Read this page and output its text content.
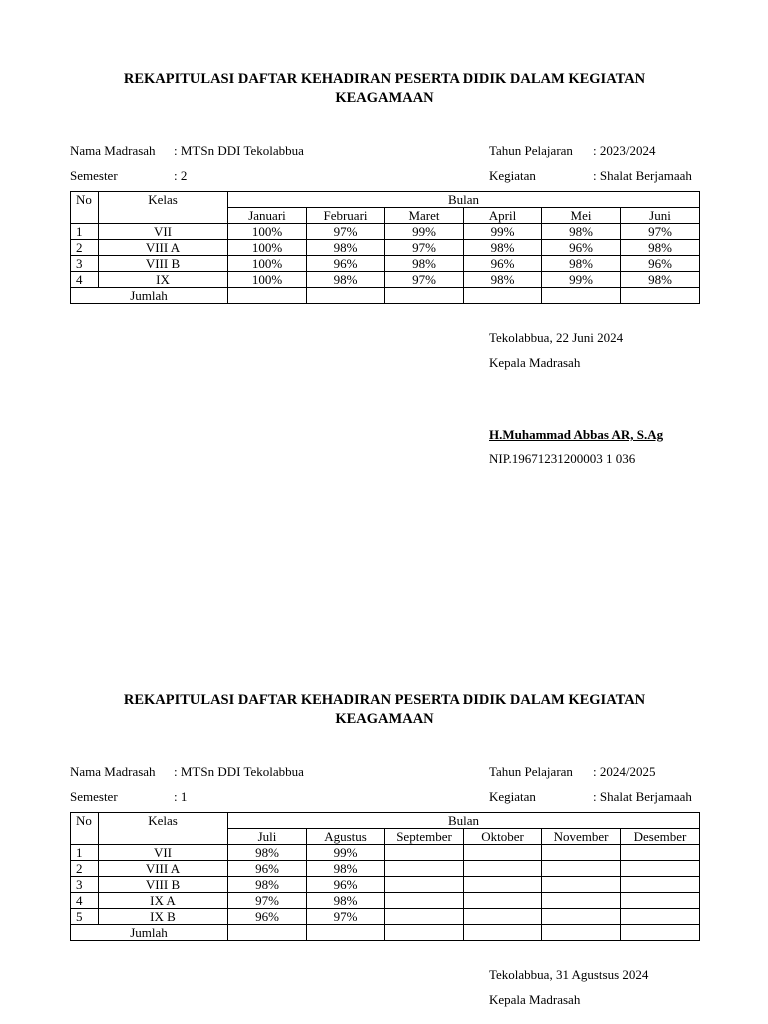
REKAPITULASI DAFTAR KEHADIRAN PESERTA DIDIK DALAM KEGIATAN KEAGAMAAN

Nama Madrasah : MTSn DDI Tekolabbua	Tahun Pelajaran : 2023/2024
Semester	: 2	Kegiatan	: Shalat Berjamaah
No	Kelas	Bulan					
		Januari	Februari	Maret	April	Mei	Juni
1	VII	100%	97%	99%	99%	98%	97%
2	VIII A	100%	98%	97%	98%	96%	98%
3	VIII B	100%	96%	98%	96%	98%	96%
4	IX	100%	98%	97%	98%	99%	98%
Jumlah							
Tekolabbua, 22 Juni 2024
Kepala Madrasah
H.Muhammad Abbas AR, S.Ag
NIP.19671231200003 1 036

REKAPITULASI DAFTAR KEHADIRAN PESERTA DIDIK DALAM KEGIATAN KEAGAMAAN

Nama Madrasah : MTSn DDI Tekolabbua	Tahun Pelajaran : 2024/2025
Semester	: 1	Kegiatan	: Shalat Berjamaah
No	Kelas	Bulan					
		Juli	Agustus	September	Oktober	November	Desember
1	VII	98%	99%				
2	VIII A	96%	98%				
3	VIII B	98%	96%				
4	IX A	97%	98%				
5	IX B	96%	97%				
Jumlah							
Tekolabbua, 31 Agustsus 2024
Kepala Madrasah
